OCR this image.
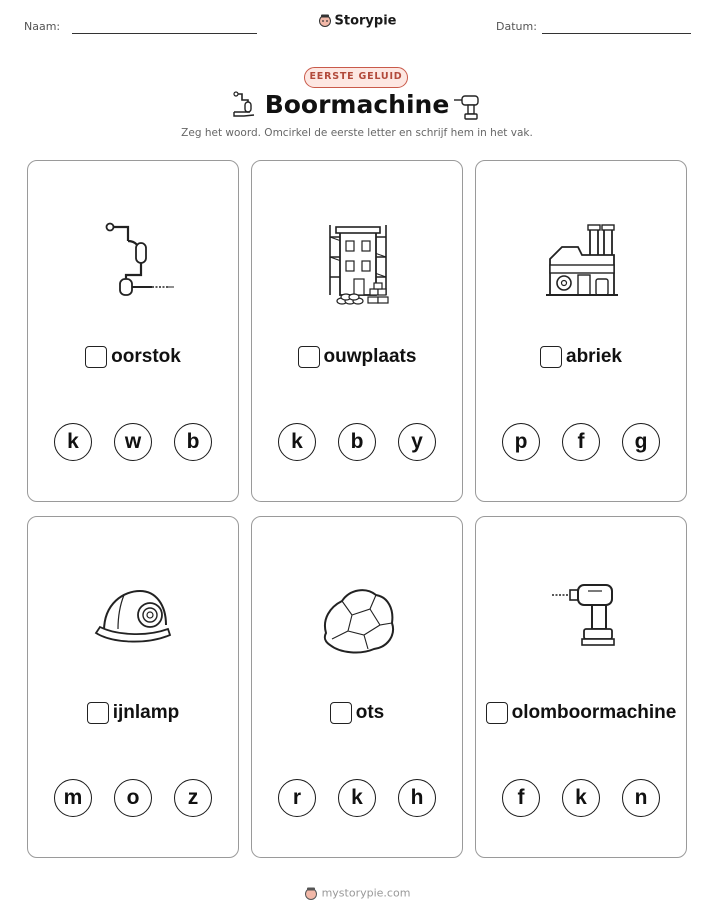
Naam:	Storypie	Datum:
EERSTE GELUID
Boormachine
Zeg het woord. Omcirkel de eerste letter en schrijf hem in het vak.
oorstok
k	w	b
ouwplaats
k	b	y
abriek
p	f	g
ijnlamp
m	o	z
ots
r	k	h
olomboormachine
f	k	n
mystorypie.com
